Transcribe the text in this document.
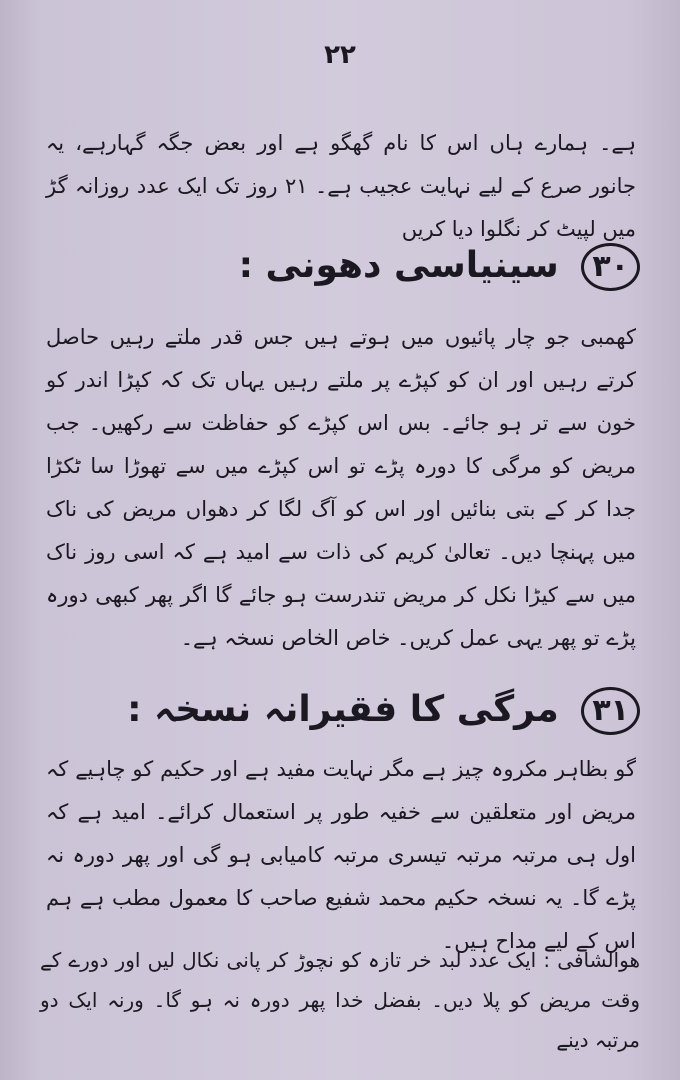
۲۲
ہے۔ ہمارے ہاں اس کا نام گھگو ہے اور بعض جگہ گہارہے، یہ جانور صرع کے لیے نہایت عجیب ہے۔ ۲۱ روز تک ایک عدد روزانہ گڑ میں لپیٹ کر نگلوا دیا کریں
۳۰ سینیاسی دھونی :
کھمبی جو چار پائیوں میں ہوتے ہیں جس قدر ملتے رہیں حاصل کرتے رہیں اور ان کو کپڑے پر ملتے رہیں یہاں تک کہ کپڑا اندر کو خون سے تر ہو جائے۔ بس اس کپڑے کو حفاظت سے رکھیں۔ جب مریض کو مرگی کا دورہ پڑے تو اس کپڑے میں سے تھوڑا سا ٹکڑا جدا کر کے بتی بنائیں اور اس کو آگ لگا کر دھواں مریض کی ناک میں پہنچا دیں۔ تعالیٰ کریم کی ذات سے امید ہے کہ اسی روز ناک میں سے کیڑا نکل کر مریض تندرست ہو جائے گا اگر پھر کبھی دورہ پڑے تو پھر یہی عمل کریں۔ خاص الخاص نسخہ ہے۔
۳۱ مرگی کا فقیرانہ نسخہ :
گو بظاہر مکروہ چیز ہے مگر نہایت مفید ہے اور حکیم کو چاہیے کہ مریض اور متعلقین سے خفیہ طور پر استعمال کرائے۔ امید ہے کہ اول ہی مرتبہ مرتبہ تیسری مرتبہ کامیابی ہو گی اور پھر دورہ نہ پڑے گا۔ یہ نسخہ حکیم محمد شفیع صاحب کا معمول مطب ہے ہم اس کے لیے مداح ہیں۔
ھوالشافی : ایک عدد لبد خر تازہ کو نچوڑ کر پانی نکال لیں اور دورے کے وقت مریض کو پلا دیں۔ بفضل خدا پھر دورہ نہ ہو گا۔ ورنہ ایک دو مرتبہ دینے
